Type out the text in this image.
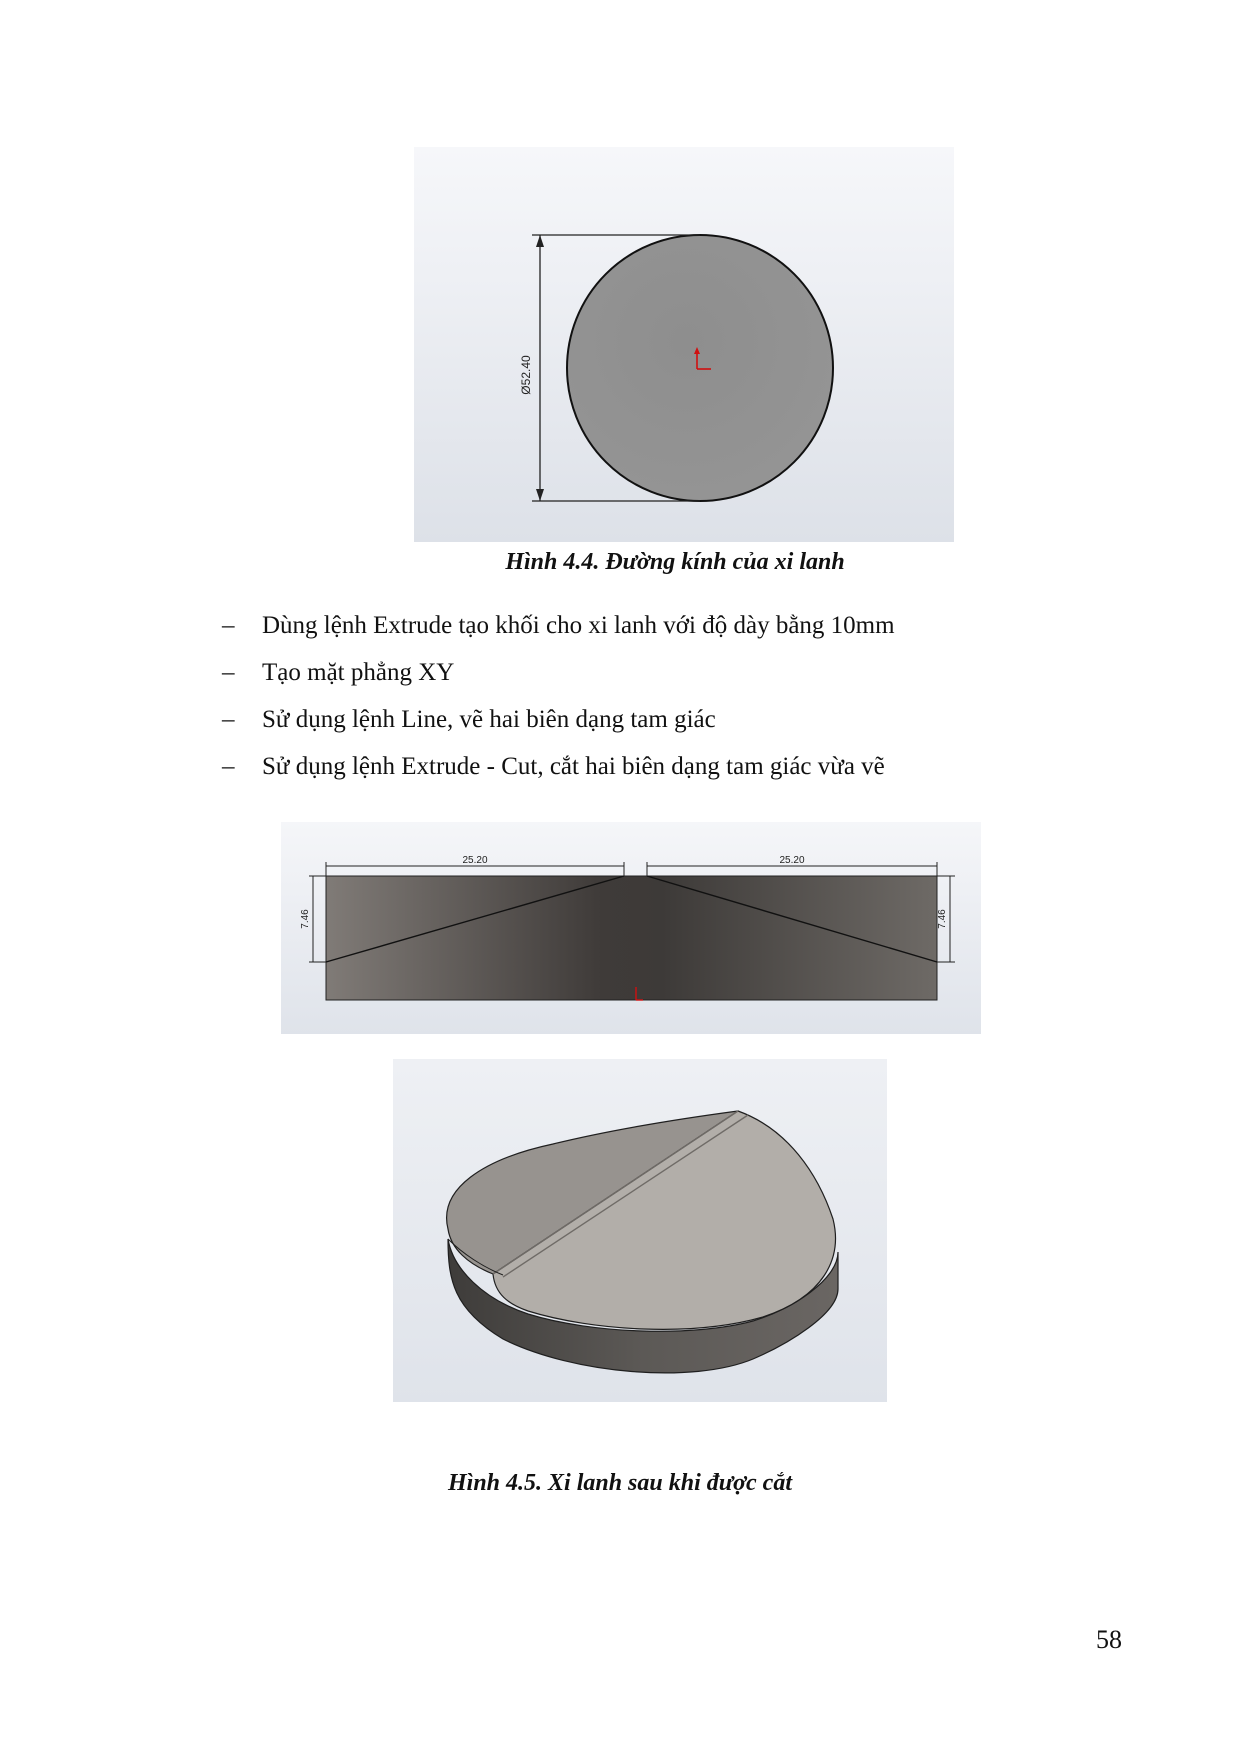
Ø52.40

Hình 4.4. Đường kính của xi lanh

– Dùng lệnh Extrude tạo khối cho xi lanh với độ dày bằng 10mm
– Tạo mặt phẳng XY
– Sử dụng lệnh Line, vẽ hai biên dạng tam giác
– Sử dụng lệnh Extrude - Cut, cắt hai biên dạng tam giác vừa vẽ
25.20	25.20
7.46	7.46

Hình 4.5. Xi lanh sau khi được cắt

58
